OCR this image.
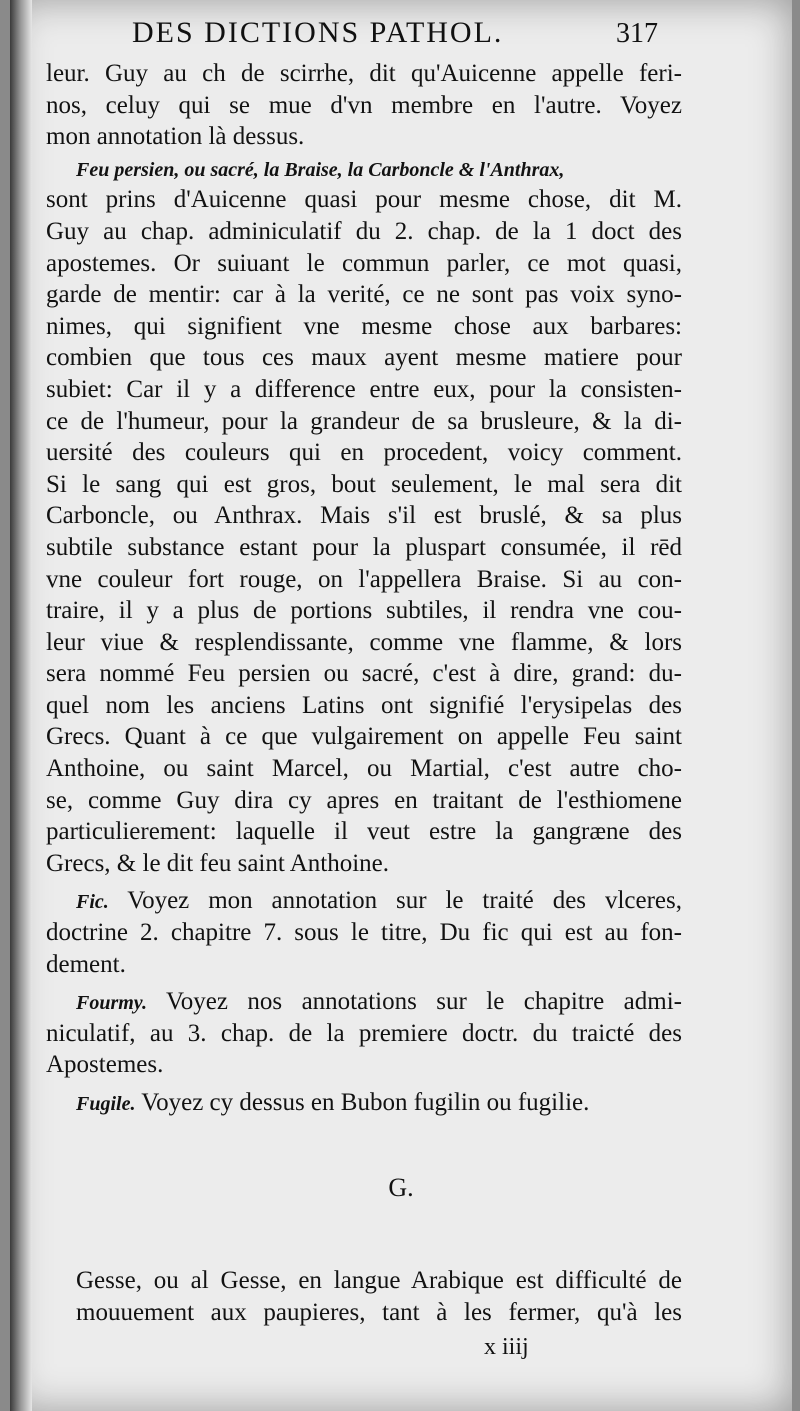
DES DICTIONS PATHOL.	317
leur. Guy au ch de scirrhe, dit qu'Auicenne appelle feri-
nos, celuy qui se mue d'vn membre en l'autre. Voyez
mon annotation là dessus.
Feu persien, ou sacré, la Braise, la Carboncle & l'Anthrax,
sont prins d'Auicenne quasi pour mesme chose, dit M.
Guy au chap. adminiculatif du 2. chap. de la 1 doct des
apostemes. Or suiuant le commun parler, ce mot quasi,
garde de mentir: car à la verité, ce ne sont pas voix syno-
nimes, qui signifient vne mesme chose aux barbares:
combien que tous ces maux ayent mesme matiere pour
subiet: Car il y a difference entre eux, pour la consisten-
ce de l'humeur, pour la grandeur de sa brusleure, & la di-
uersité des couleurs qui en procedent, voicy comment.
Si le sang qui est gros, bout seulement, le mal sera dit
Carboncle, ou Anthrax. Mais s'il est bruslé, & sa plus
subtile substance estant pour la pluspart consumée, il rēd
vne couleur fort rouge, on l'appellera Braise. Si au con-
traire, il y a plus de portions subtiles, il rendra vne cou-
leur viue & resplendissante, comme vne flamme, & lors
sera nommé Feu persien ou sacré, c'est à dire, grand: du-
quel nom les anciens Latins ont signifié l'erysipelas des
Grecs. Quant à ce que vulgairement on appelle Feu saint
Anthoine, ou saint Marcel, ou Martial, c'est autre cho-
se, comme Guy dira cy apres en traitant de l'esthiomene
particulierement: laquelle il veut estre la gangræne des
Grecs, & le dit feu saint Anthoine.
Fic. Voyez mon annotation sur le traité des vlceres,
doctrine 2. chapitre 7. sous le titre, Du fic qui est au fon-
dement.
Fourmy. Voyez nos annotations sur le chapitre admi-
niculatif, au 3. chap. de la premiere doctr. du traicté des
Apostemes.
Fugile. Voyez cy dessus en Bubon fugilin ou fugilie.
G.
Gesse, ou al Gesse, en langue Arabique est difficulté de
mouuement aux paupieres, tant à les fermer, qu'à les
x iiij
